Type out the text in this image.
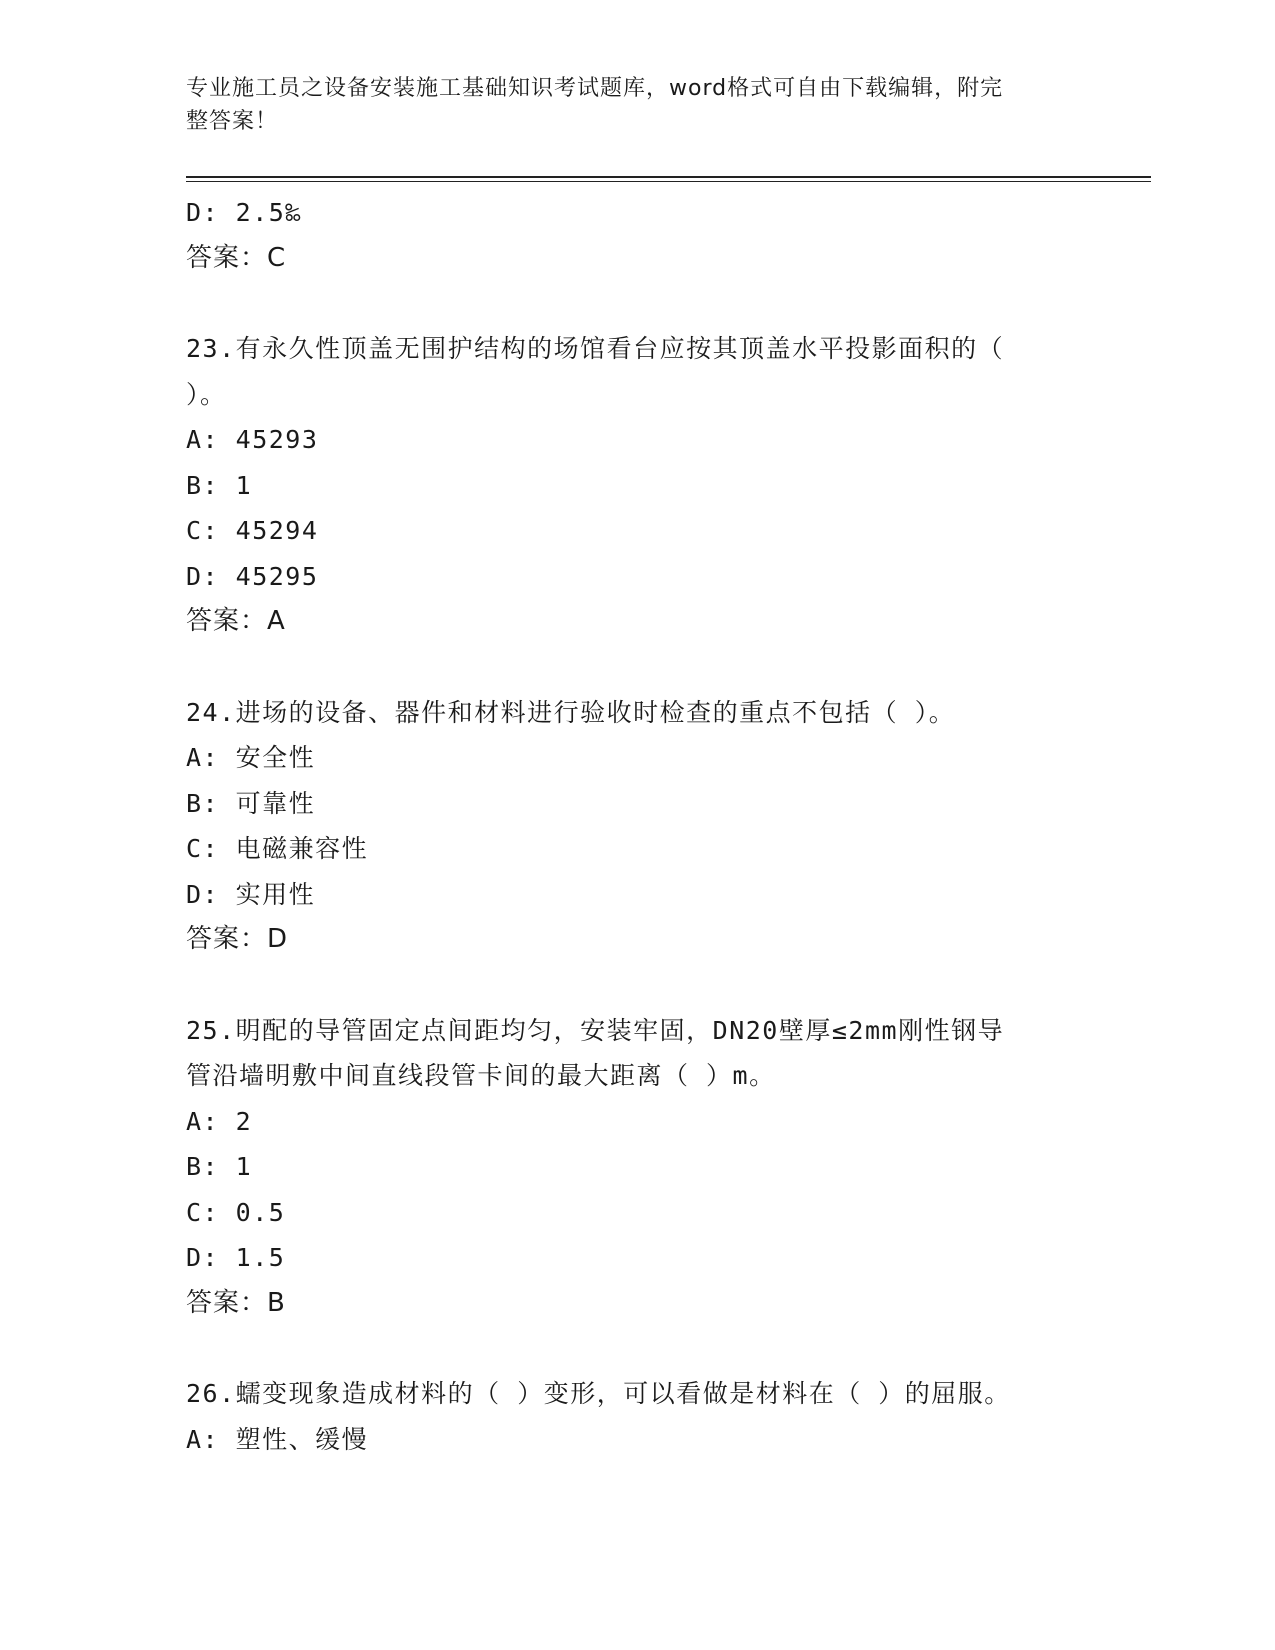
专业施工员之设备安装施工基础知识考试题库，word格式可自由下载编辑，附完
整答案！
D: 2.5‰
答案：C
23.有永久性顶盖无围护结构的场馆看台应按其顶盖水平投影面积的（
）。
A: 45293
B: 1
C: 45294
D: 45295
答案：A
24.进场的设备、器件和材料进行验收时检查的重点不包括（ ）。
A: 安全性
B: 可靠性
C: 电磁兼容性
D: 实用性
答案：D
25.明配的导管固定点间距均匀，安装牢固，DN20壁厚≤2mm刚性钢导
管沿墙明敷中间直线段管卡间的最大距离（ ）m。
A: 2
B: 1
C: 0.5
D: 1.5
答案：B
26.蠕变现象造成材料的（ ）变形，可以看做是材料在（ ）的屈服。
A: 塑性、缓慢
